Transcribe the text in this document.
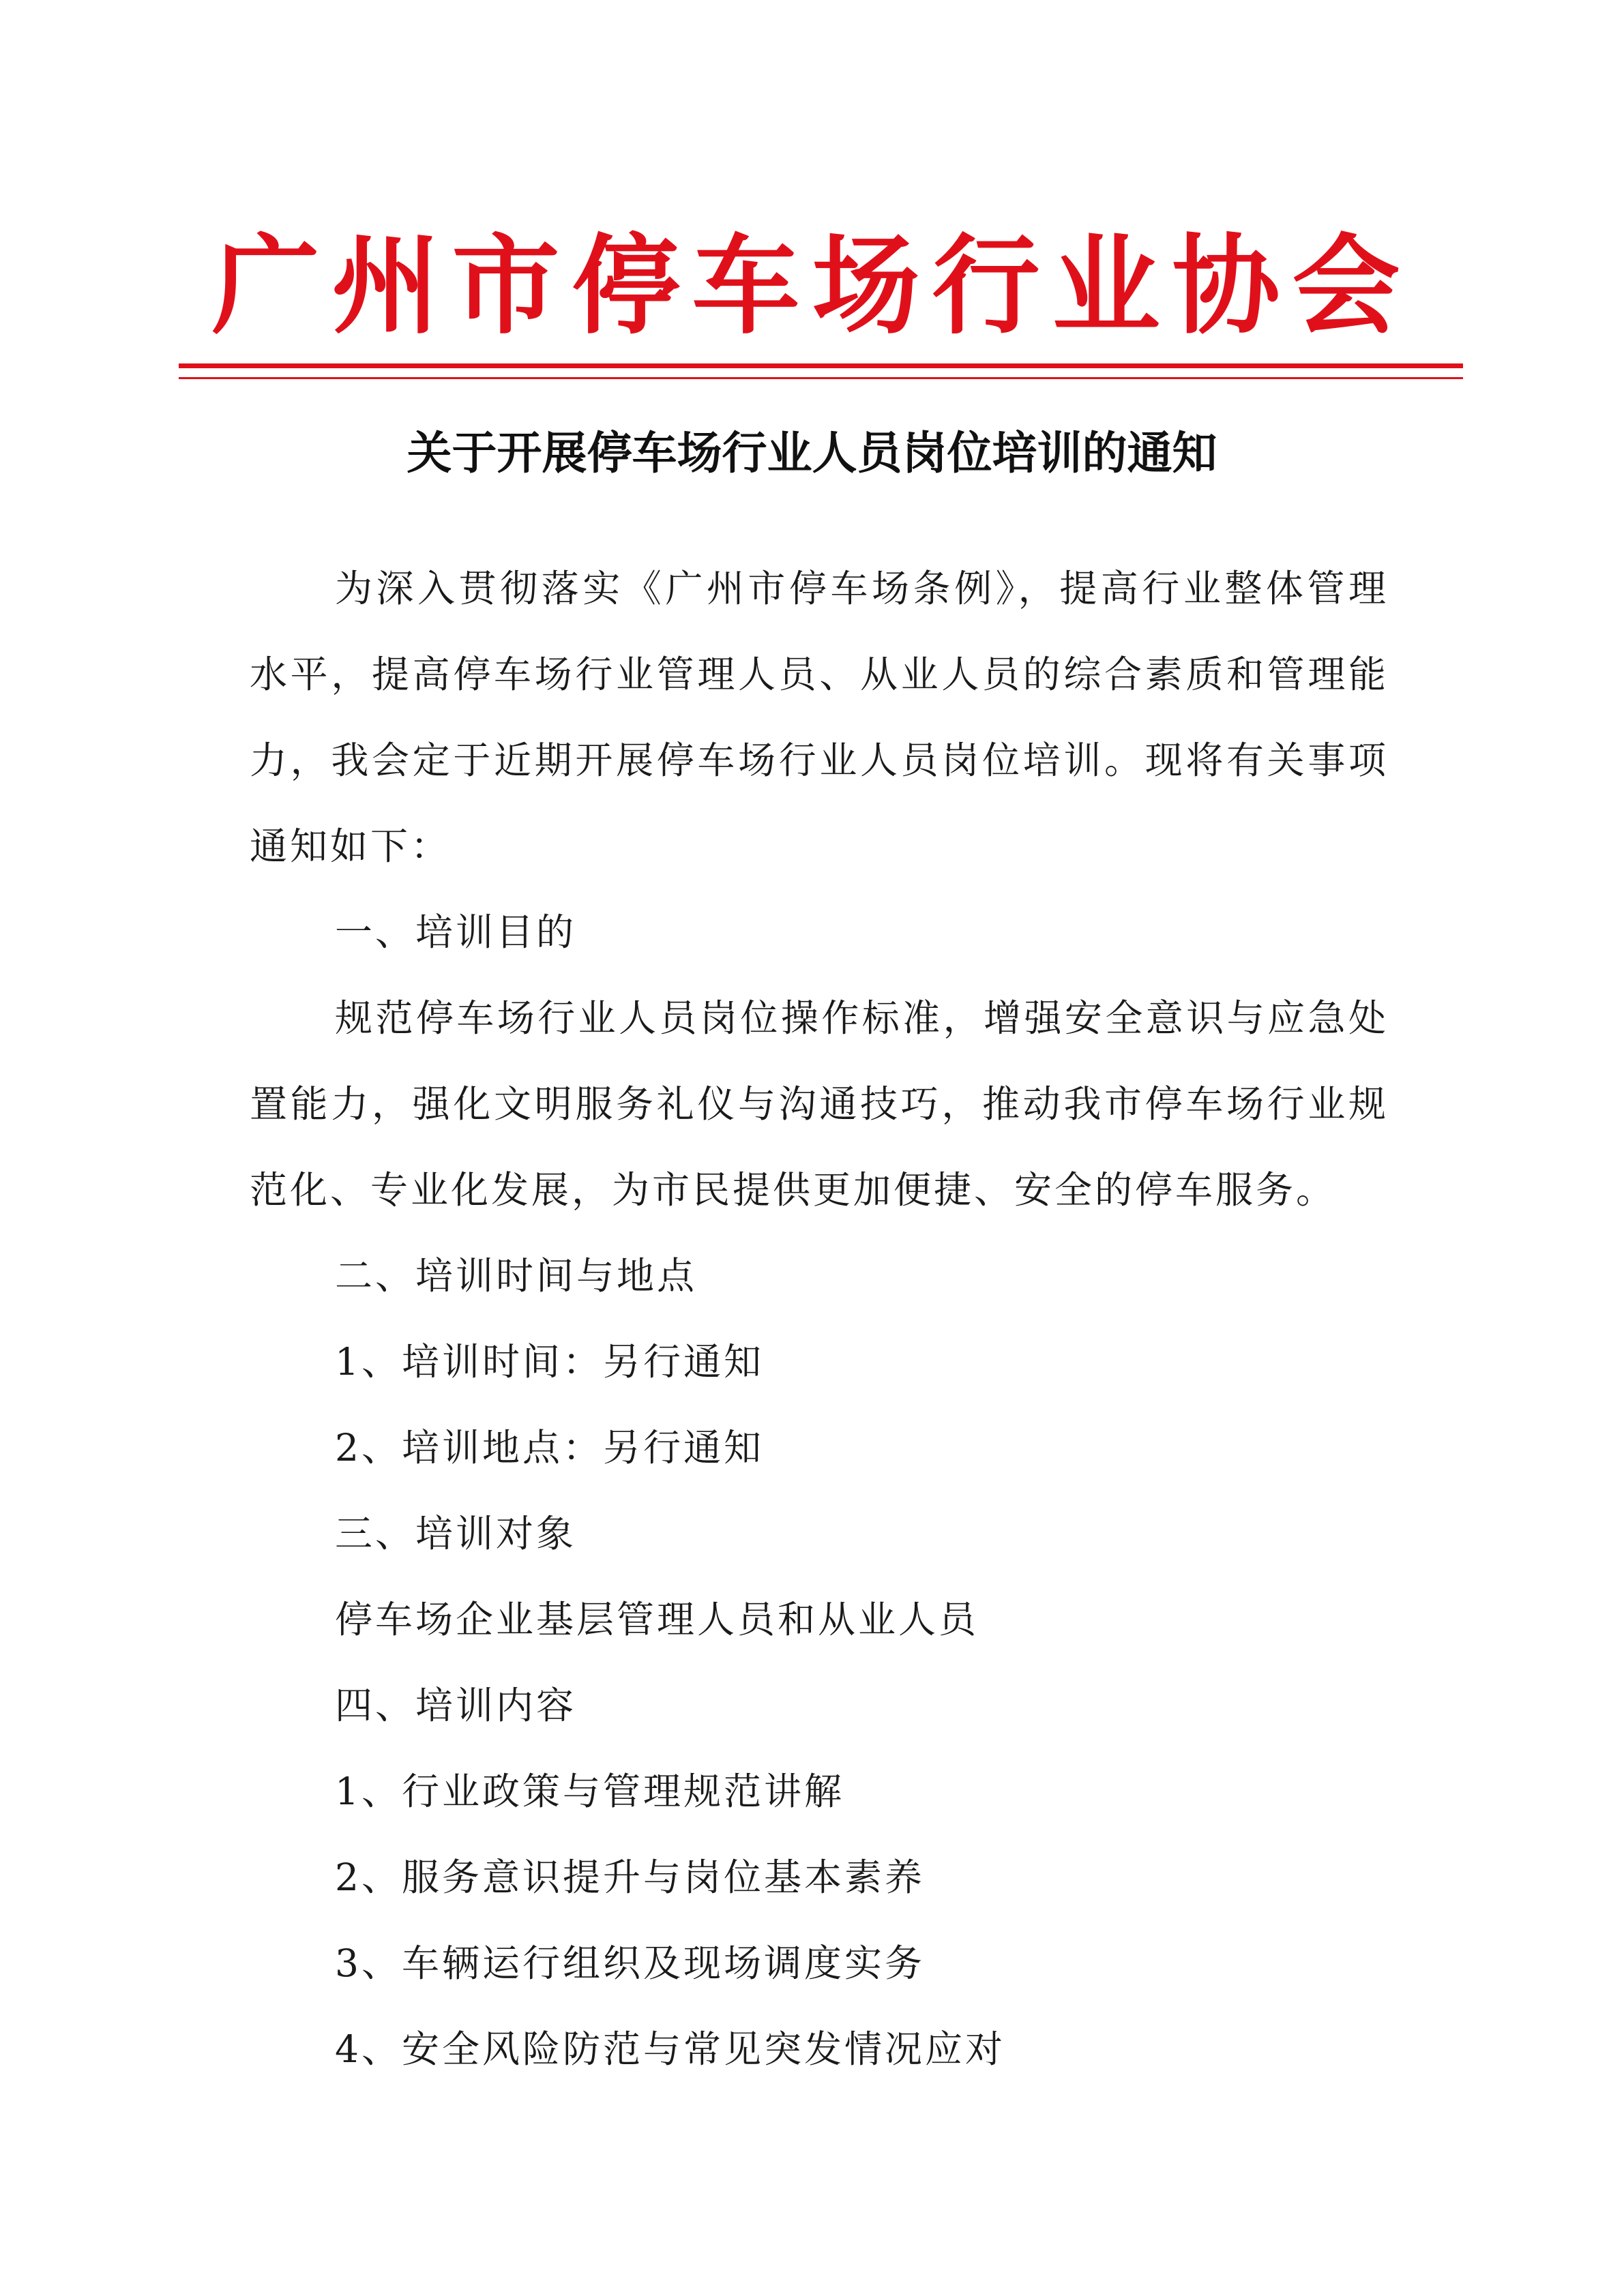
广州市停车场行业协会
关于开展停车场行业人员岗位培训的通知

为深入贯彻落实《广州市停车场条例》，提高行业整体管理水平，提高停车场行业管理人员、从业人员的综合素质和管理能力，我会定于近期开展停车场行业人员岗位培训。现将有关事项通知如下：

一、培训目的

规范停车场行业人员岗位操作标准，增强安全意识与应急处置能力，强化文明服务礼仪与沟通技巧，推动我市停车场行业规范化、专业化发展，为市民提供更加便捷、安全的停车服务。

二、培训时间与地点

1、培训时间：另行通知

2、培训地点：另行通知

三、培训对象

停车场企业基层管理人员和从业人员

四、培训内容

1、行业政策与管理规范讲解

2、服务意识提升与岗位基本素养

3、车辆运行组织及现场调度实务

4、安全风险防范与常见突发情况应对
